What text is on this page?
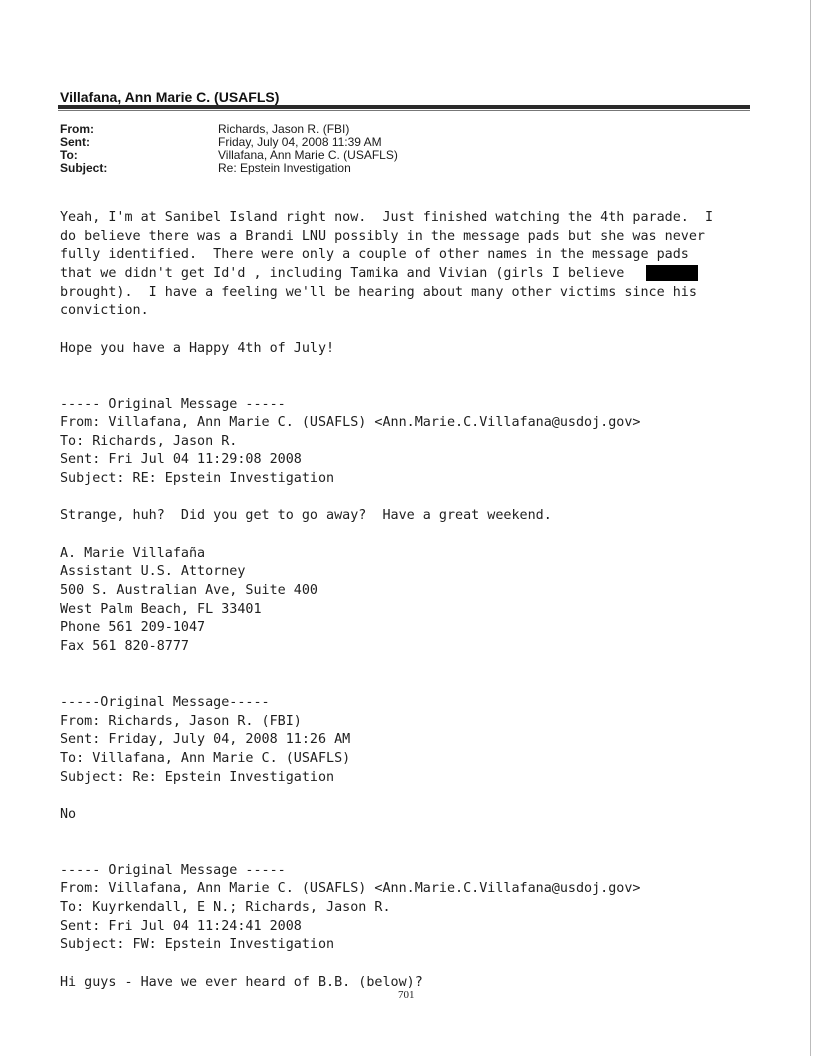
Villafana, Ann Marie C. (USAFLS)
From:	Richards, Jason R. (FBI)
Sent:	Friday, July 04, 2008 11:39 AM
To:	Villafana, Ann Marie C. (USAFLS)
Subject:	Re: Epstein Investigation
Yeah, I'm at Sanibel Island right now.  Just finished watching the 4th parade.  I
do believe there was a Brandi LNU possibly in the message pads but she was never
fully identified.  There were only a couple of other names in the message pads
that we didn't get Id'd , including Tamika and Vivian (girls I believe
brought).  I have a feeling we'll be hearing about many other victims since his
conviction.
Hope you have a Happy 4th of July!
----- Original Message -----
From: Villafana, Ann Marie C. (USAFLS) <Ann.Marie.C.Villafana@usdoj.gov>
To: Richards, Jason R.
Sent: Fri Jul 04 11:29:08 2008
Subject: RE: Epstein Investigation
Strange, huh?  Did you get to go away?  Have a great weekend.
A. Marie Villafaña
Assistant U.S. Attorney
500 S. Australian Ave, Suite 400
West Palm Beach, FL 33401
Phone 561 209-1047
Fax 561 820-8777
-----Original Message-----
From: Richards, Jason R. (FBI)
Sent: Friday, July 04, 2008 11:26 AM
To: Villafana, Ann Marie C. (USAFLS)
Subject: Re: Epstein Investigation
No
----- Original Message -----
From: Villafana, Ann Marie C. (USAFLS) <Ann.Marie.C.Villafana@usdoj.gov>
To: Kuyrkendall, E N.; Richards, Jason R.
Sent: Fri Jul 04 11:24:41 2008
Subject: FW: Epstein Investigation
Hi guys - Have we ever heard of B.B. (below)?
701
